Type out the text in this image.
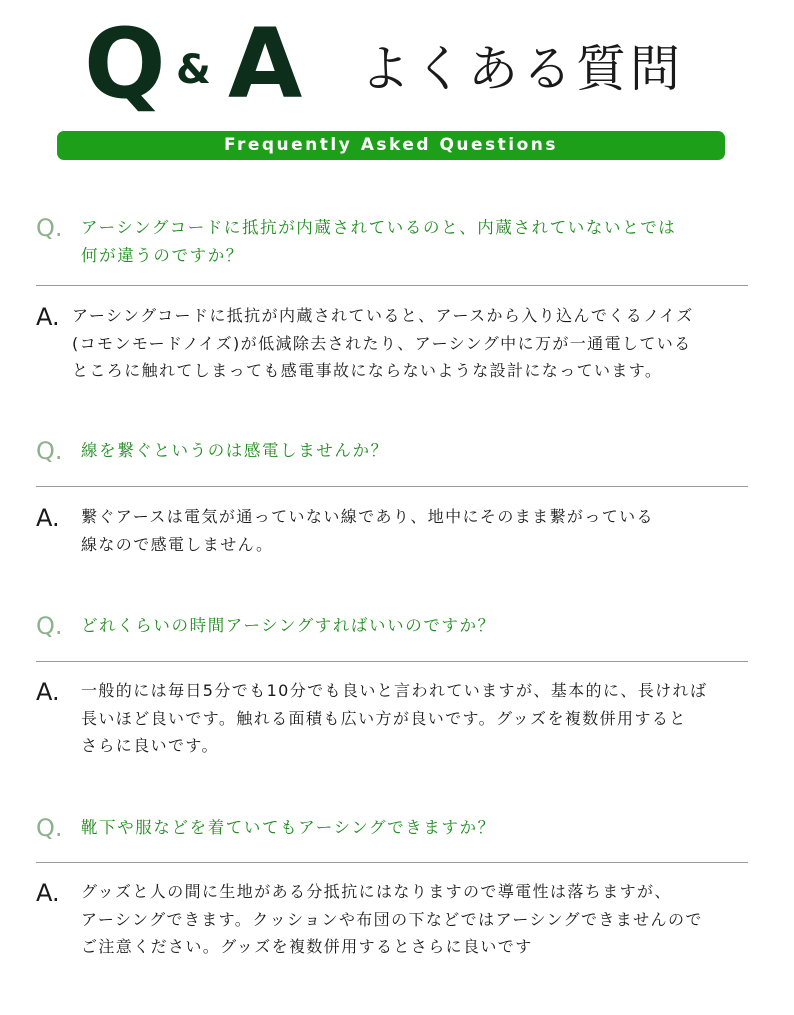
Q & A よくある質問
Frequently Asked Questions
Q. アーシングコードに抵抗が内蔵されているのと、内蔵されていないとでは
何が違うのですか？
A. アーシングコードに抵抗が内蔵されていると、アースから入り込んでくるノイズ
(コモンモードノイズ)が低減除去されたり、アーシング中に万が一通電している
ところに触れてしまっても感電事故にならないような設計になっています。
Q. 線を繋ぐというのは感電しませんか？
A. 繋ぐアースは電気が通っていない線であり、地中にそのまま繋がっている
線なので感電しません。
Q. どれくらいの時間アーシングすればいいのですか？
A. 一般的には毎日5分でも10分でも良いと言われていますが、基本的に、長ければ
長いほど良いです。触れる面積も広い方が良いです。グッズを複数併用すると
さらに良いです。
Q. 靴下や服などを着ていてもアーシングできますか？
A. グッズと人の間に生地がある分抵抗にはなりますので導電性は落ちますが、
アーシングできます。クッションや布団の下などではアーシングできませんので
ご注意ください。グッズを複数併用するとさらに良いです
